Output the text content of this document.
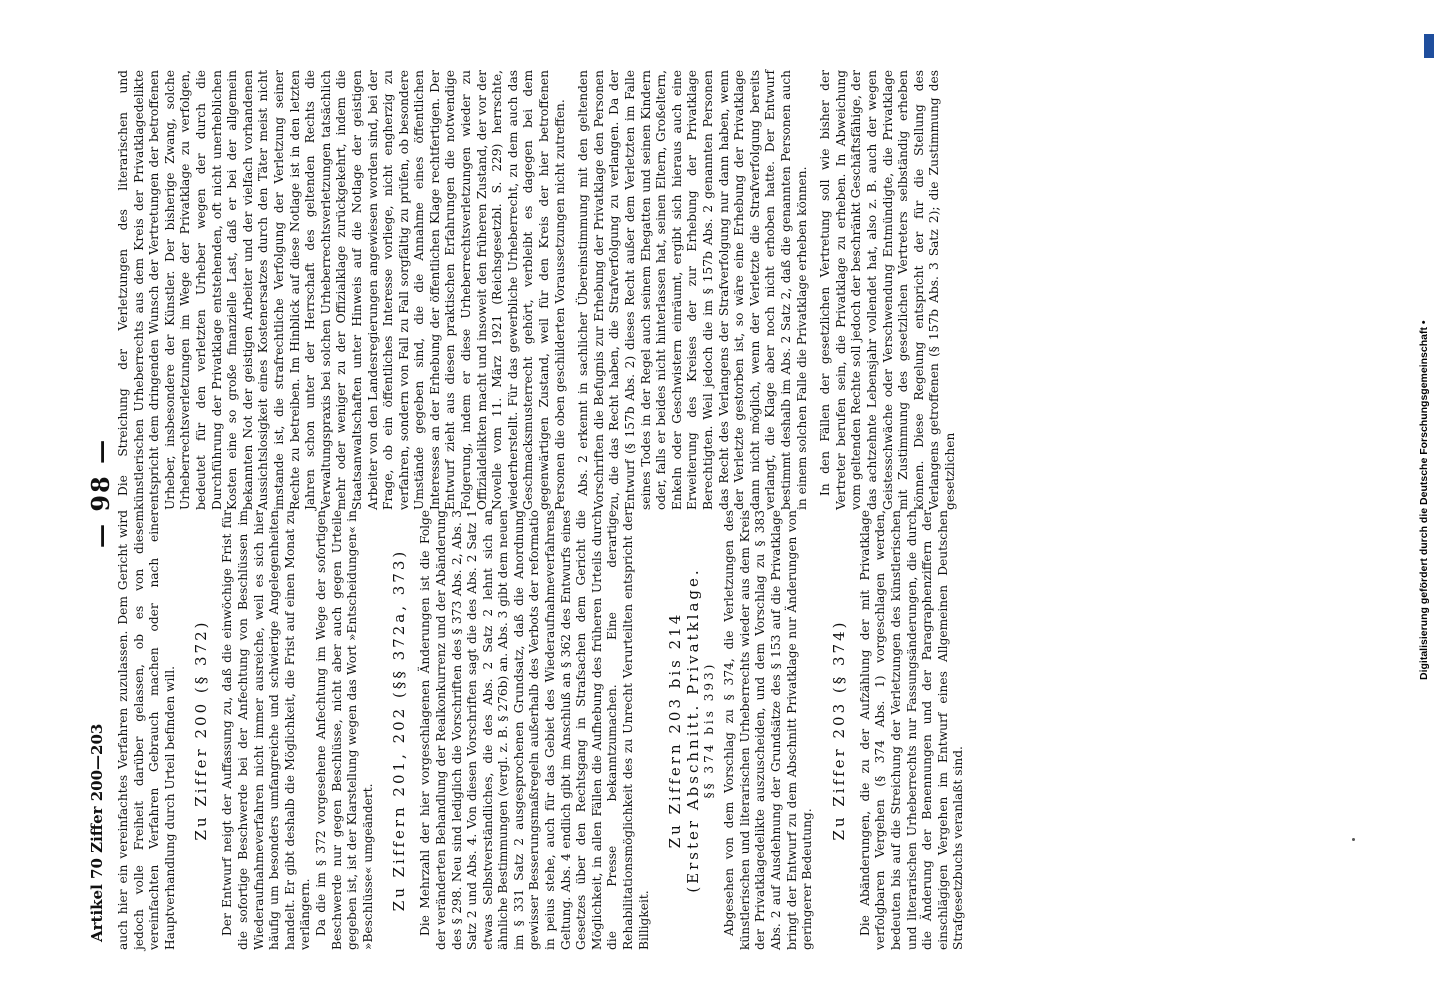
Artikel 70 Ziffer 200—203
— 98 —

auch hier ein vereinfachtes Verfahren zuzulassen. Dem Gericht wird jedoch volle Freiheit darüber gelassen, ob es von diesem vereinfachten Verfahren Gebrauch machen oder nach einer Hauptverhandlung durch Urteil befinden will. Zu Ziffer 200 (§ 372) Der Entwurf neigt der Auffassung zu, daß die einwöchige Frist für die sofortige Beschwerde bei der Anfechtung von Beschlüssen im Wiederaufnahmeverfahren nicht immer ausreiche, weil es sich hier häufig um besonders umfangreiche und schwierige Angelegenheiten handelt. Er gibt deshalb die Möglichkeit, die Frist auf einen Monat zu verlängern. Da die im § 372 vorgesehene Anfechtung im Wege der sofortigen Beschwerde nur gegen Beschlüsse, nicht aber auch gegen Urteile gegeben ist, ist der Klarstellung wegen das Wort »Entscheidungen« in »Beschlüsse« umgeändert. Zu Ziffern 201, 202 (§§ 372a, 373) Die Mehrzahl der hier vorgeschlagenen Änderungen ist die Folge der veränderten Behandlung der Realkonkurrenz und der Abänderung des § 298. Neu sind lediglich die Vorschriften des § 373 Abs. 2, Abs. 3 Satz 2 und Abs. 4. Von diesen Vorschriften sagt die des Abs. 2 Satz 1 etwas Selbstverständliches, die des Abs. 2 Satz 2 lehnt sich an ähnliche Bestimmungen (vergl. z. B. § 276b) an. Abs. 3 gibt dem neuen im § 331 Satz 2 ausgesprochenen Grundsatz, daß die Anordnung gewisser Besserungsmaßregeln außerhalb des Verbots der reformatio in peius stehe, auch für das Gebiet des Wiederaufnahmeverfahrens Geltung. Abs. 4 endlich gibt im Anschluß an § 362 des Entwurfs eines Gesetzes über den Rechtsgang in Strafsachen dem Gericht die Möglichkeit, in allen Fällen die Aufhebung des früheren Urteils durch die Presse bekanntzumachen. Eine derartige Rehabilitationsmöglichkeit des zu Unrecht Verurteilten entspricht der Billigkeit.

Zu Ziffern 203 bis 214 (Erster Abschnitt. Privatklage. §§ 374 bis 393) Abgesehen von dem Vorschlag zu § 374, die Verletzungen des künstlerischen und literarischen Urheberrechts wieder aus dem Kreis der Privatklagedelikte auszuscheiden, und dem Vorschlag zu § 383 Abs. 2 auf Ausdehnung der Grundsätze des § 153 auf die Privatklage bringt der Entwurf zu dem Abschnitt Privatklage nur Änderungen von geringerer Bedeutung.

Zu Ziffer 203 (§ 374) Die Abänderungen, die zu der Aufzählung der mit Privatklage verfolgbaren Vergehen (§ 374 Abs. 1) vorgeschlagen werden, bedeuten bis auf die Streichung der Verletzungen des künstlerischen und literarischen Urheberrechts nur Fassungsänderungen, die durch die Änderung der Benennungen und der Paragraphenziffern der einschlägigen Vergehen im Entwurf eines Allgemeinen Deutschen Strafgesetzbuchs veranlaßt sind.

Die Streichung der Verletzungen des literarischen und künstlerischen Urheberrechts aus dem Kreis der Privatklagedelikte entspricht dem dringenden Wunsch der Vertretungen der betroffenen Urheber, insbesondere der Künstler. Der bisherige Zwang, solche Urheberrechtsverletzungen im Wege der Privatklage zu verfolgen, bedeutet für den verletzten Urheber wegen der durch die Durchführung der Privatklage entstehenden, oft nicht unerheblichen Kosten eine so große finanzielle Last, daß er bei der allgemein bekannten Not der geistigen Arbeiter und der vielfach vorhandenen Aussichtslosigkeit eines Kostenersatzes durch den Täter meist nicht imstande ist, die strafrechtliche Verfolgung der Verletzung seiner Rechte zu betreiben. Im Hinblick auf diese Notlage ist in den letzten Jahren schon unter der Herrschaft des geltenden Rechts die Verwaltungspraxis bei solchen Urheberrechtsverletzungen tatsächlich mehr oder weniger zu der Offizialklage zurückgekehrt, indem die Staatsanwaltschaften unter Hinweis auf die Notlage der geistigen Arbeiter von den Landesregierungen angewiesen worden sind, bei der Frage, ob ein öffentliches Interesse vorliege, nicht engherzig zu verfahren, sondern von Fall zu Fall sorgfältig zu prüfen, ob besondere Umstände gegeben sind, die die Annahme eines öffentlichen Interesses an der Erhebung der öffentlichen Klage rechtfertigen. Der Entwurf zieht aus diesen praktischen Erfahrungen die notwendige Folgerung, indem er diese Urheberrechtsverletzungen wieder zu Offizialdelikten macht und insoweit den früheren Zustand, der vor der Novelle vom 11. März 1921 (Reichsgesetzbl. S. 229) herrschte, wiederherstellt. Für das gewerbliche Urheberrecht, zu dem auch das Geschmacksmusterrecht gehört, verbleibt es dagegen bei dem gegenwärtigen Zustand, weil für den Kreis der hier betroffenen Personen die oben geschilderten Voraussetzungen nicht zutreffen. Abs. 2 erkennt in sachlicher Übereinstimmung mit den geltenden Vorschriften die Befugnis zur Erhebung der Privatklage den Personen zu, die das Recht haben, die Strafverfolgung zu verlangen. Da der Entwurf (§ 157b Abs. 2) dieses Recht außer dem Verletzten im Falle seines Todes in der Regel auch seinem Ehegatten und seinen Kindern oder, falls er beides nicht hinterlassen hat, seinen Eltern, Großeltern, Enkeln oder Geschwistern einräumt, ergibt sich hieraus auch eine Erweiterung des Kreises der zur Erhebung der Privatklage Berechtigten. Weil jedoch die im § 157b Abs. 2 genannten Personen das Recht des Verlangens der Strafverfolgung nur dann haben, wenn der Verletzte gestorben ist, so wäre eine Erhebung der Privatklage dann nicht möglich, wenn der Verletzte die Strafverfolgung bereits verlangt, die Klage aber noch nicht erhoben hatte. Der Entwurf bestimmt deshalb im Abs. 2 Satz 2, daß die genannten Personen auch in einem solchen Falle die Privatklage erheben können. In den Fällen der gesetzlichen Vertretung soll wie bisher der Vertreter berufen sein, die Privatklage zu erheben. In Abweichung vom geltenden Rechte soll jedoch der beschränkt Geschäftsfähige, der das achtzehnte Lebensjahr vollendet hat, also z. B. auch der wegen Geistesschwäche oder Verschwendung Entmündigte, die Privatklage mit Zustimmung des gesetzlichen Vertreters selbständig erheben können. Diese Regelung entspricht der für die Stellung des Verlangens getroffenen (§ 157b Abs. 3 Satz 2); die Zustimmung des gesetzlichen	Digitalisierung gefördert durch die Deutsche Forschungsgemeinschaft •
